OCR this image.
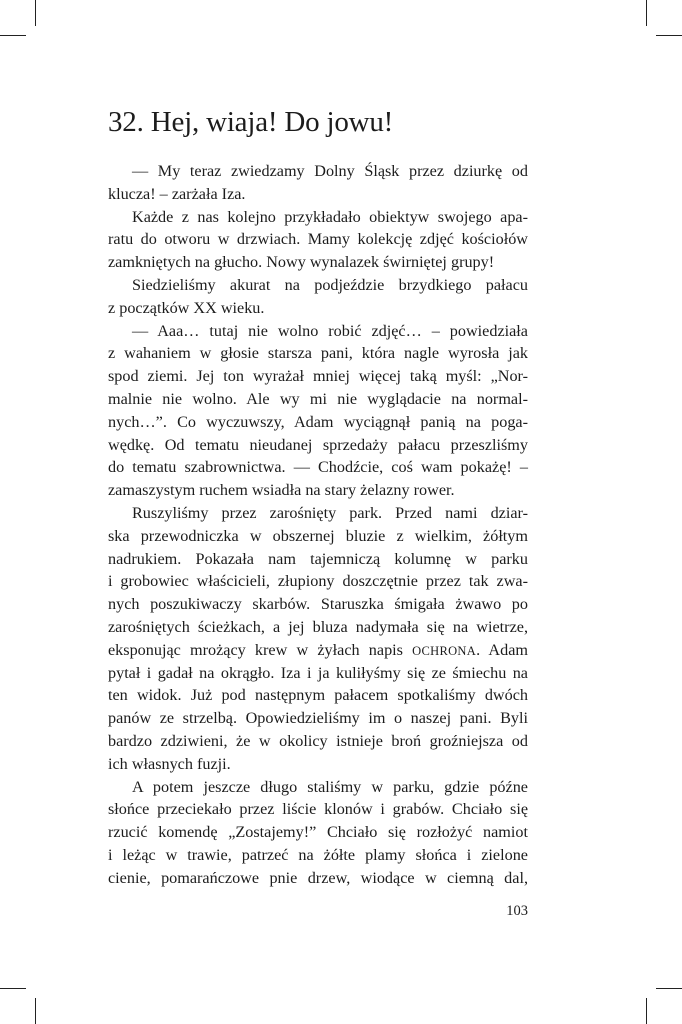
32. Hej, wiaja! Do jowu!
— My teraz zwiedzamy Dolny Śląsk przez dziurkę od
klucza! – zarżała Iza.
Każde z nas kolejno przykładało obiektyw swojego apa-
ratu do otworu w drzwiach. Mamy kolekcję zdjęć kościołów
zamkniętych na głucho. Nowy wynalazek świrniętej grupy!
Siedzieliśmy akurat na podjeździe brzydkiego pałacu
z początków XX wieku.
— Aaa… tutaj nie wolno robić zdjęć… – powiedziała
z wahaniem w głosie starsza pani, która nagle wyrosła jak
spod ziemi. Jej ton wyrażał mniej więcej taką myśl: „Nor-
malnie nie wolno. Ale wy mi nie wyglądacie na normal-
nych…”. Co wyczuwszy, Adam wyciągnął panią na poga-
wędkę. Od tematu nieudanej sprzedaży pałacu przeszliśmy
do tematu szabrownictwa. — Chodźcie, coś wam pokażę! –
zamaszystym ruchem wsiadła na stary żelazny rower.
Ruszyliśmy przez zarośnięty park. Przed nami dziar-
ska przewodniczka w obszernej bluzie z wielkim, żółtym
nadrukiem. Pokazała nam tajemniczą kolumnę w parku
i grobowiec właścicieli, złupiony doszczętnie przez tak zwa-
nych poszukiwaczy skarbów. Staruszka śmigała żwawo po
zarośniętych ścieżkach, a jej bluza nadymała się na wietrze,
eksponując mrożący krew w żyłach napis OCHRONA. Adam
pytał i gadał na okrągło. Iza i ja kuliłyśmy się ze śmiechu na
ten widok. Już pod następnym pałacem spotkaliśmy dwóch
panów ze strzelbą. Opowiedzieliśmy im o naszej pani. Byli
bardzo zdziwieni, że w okolicy istnieje broń groźniejsza od
ich własnych fuzji.
A potem jeszcze długo staliśmy w parku, gdzie późne
słońce przeciekało przez liście klonów i grabów. Chciało się
rzucić komendę „Zostajemy!” Chciało się rozłożyć namiot
i leżąc w trawie, patrzeć na żółte plamy słońca i zielone
cienie, pomarańczowe pnie drzew, wiodące w ciemną dal,
103
